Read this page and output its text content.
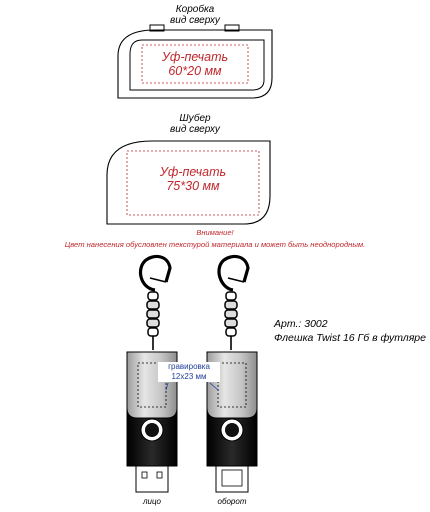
Коробка
вид сверху
Уф-печать
60*20 мм
Шубер
вид сверху
Уф-печать
75*30 мм
Внимание!
Цвет нанесения обусловлен текстурой материала и может быть неоднородным.
Арт.: 3002
Флешка Twist 16 Гб в футляре
гравировка
12x23 мм
лицо	оборот
